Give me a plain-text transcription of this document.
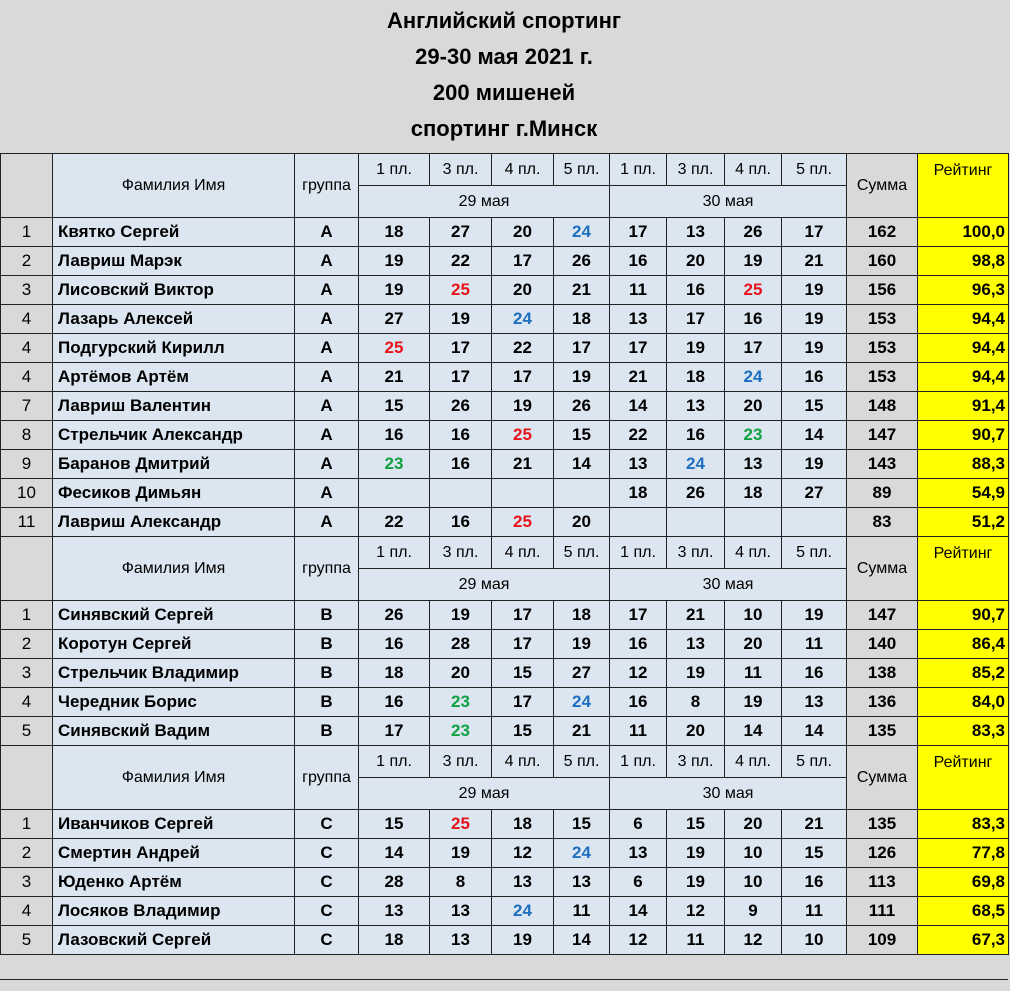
Английский спортинг
29-30 мая 2021 г.
200 мишеней
спортинг г.Минск
	Фамилия Имя	группа	1 пл.	3 пл.	4 пл.	5 пл.	1 пл.	3 пл.	4 пл.	5 пл.	Сумма	Рейтинг
			29 мая				30 мая					
1	Квятко Сергей	A	18	27	20	24	17	13	26	17	162	100,0
2	Лавриш Марэк	A	19	22	17	26	16	20	19	21	160	98,8
3	Лисовский Виктор	A	19	25	20	21	11	16	25	19	156	96,3
4	Лазарь Алексей	A	27	19	24	18	13	17	16	19	153	94,4
4	Подгурский Кирилл	A	25	17	22	17	17	19	17	19	153	94,4
4	Артёмов Артём	A	21	17	17	19	21	18	24	16	153	94,4
7	Лавриш Валентин	A	15	26	19	26	14	13	20	15	148	91,4
8	Стрельчик Александр	A	16	16	25	15	22	16	23	14	147	90,7
9	Баранов Дмитрий	A	23	16	21	14	13	24	13	19	143	88,3
10	Фесиков Димьян	A					18	26	18	27	89	54,9
11	Лавриш Александр	A	22	16	25	20					83	51,2
	Фамилия Имя	группа	1 пл.	3 пл.	4 пл.	5 пл.	1 пл.	3 пл.	4 пл.	5 пл.	Сумма	Рейтинг
			29 мая				30 мая					
1	Синявский Сергей	B	26	19	17	18	17	21	10	19	147	90,7
2	Коротун Сергей	B	16	28	17	19	16	13	20	11	140	86,4
3	Стрельчик Владимир	B	18	20	15	27	12	19	11	16	138	85,2
4	Чередник Борис	B	16	23	17	24	16	8	19	13	136	84,0
5	Синявский Вадим	B	17	23	15	21	11	20	14	14	135	83,3
	Фамилия Имя	группа	1 пл.	3 пл.	4 пл.	5 пл.	1 пл.	3 пл.	4 пл.	5 пл.	Сумма	Рейтинг
			29 мая				30 мая					
1	Иванчиков Сергей	C	15	25	18	15	6	15	20	21	135	83,3
2	Смертин Андрей	C	14	19	12	24	13	19	10	15	126	77,8
3	Юденко Артём	C	28	8	13	13	6	19	10	16	113	69,8
4	Лосяков Владимир	C	13	13	24	11	14	12	9	11	111	68,5
5	Лазовский Сергей	C	18	13	19	14	12	11	12	10	109	67,3
